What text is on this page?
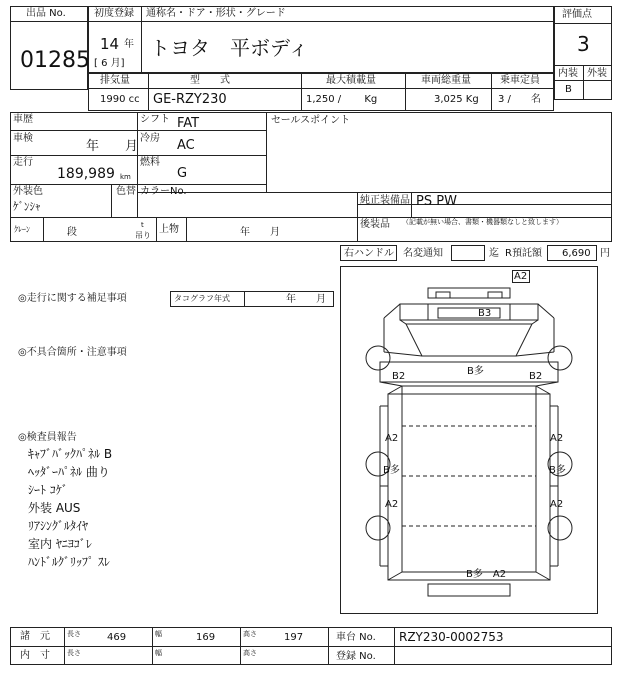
出品 No.
01285
初度登録 通称名・ドア・形状・グレード
14 年
[ 6 月]
トヨタ　平ボディ
評価点
3
内装 外装
B
排気量	型　　式	最大積載量	車両総重量	乗車定員
1990 cc GE-RZY230	1,250 /　　 Kg	3,025 Kg 3 /　　名
車歴	シフト FAT	セールスポイント
車検
年　　月
冷房 AC
走行
189,989 km
燃料
G
外装色
ｹﾞﾝｼｬ
色替 カラーNo.
純正装備品 PS PW
後装品 （記載が無い場合、書類・機器類なしと致します）
ｸﾚｰﾝ	段
t
吊り
上物	年　　月
右ハンドル 名変通知	迄 R預託額 6,690 円
◎走行に関する補足事項	タコグラフ年式	年　　月
◎不具合箇所・注意事項
◎検査員報告
ｷｬﾌﾞﾊﾞｯｸﾊﾟﾈﾙ B
ﾍｯﾀﾞｰﾊﾟﾈﾙ 曲り
ｼｰﾄ ｺｹﾞ
外装 AUS
ﾘｱｼﾝｸﾞﾙﾀｲﾔ
室内 ﾔﾆﾖｺﾞﾚ
ﾊﾝﾄﾞﾙｸﾞﾘｯﾌﾟ ｽﾚ
A2
B3
B多
B2	B2
A2	A2
B多	B多
A2	A2
B多　A2
諸　元 長さ	469	幅	169	高さ	197	車台 No. RZY230-0002753
内　寸 長さ	幅	高さ	登録 No.
